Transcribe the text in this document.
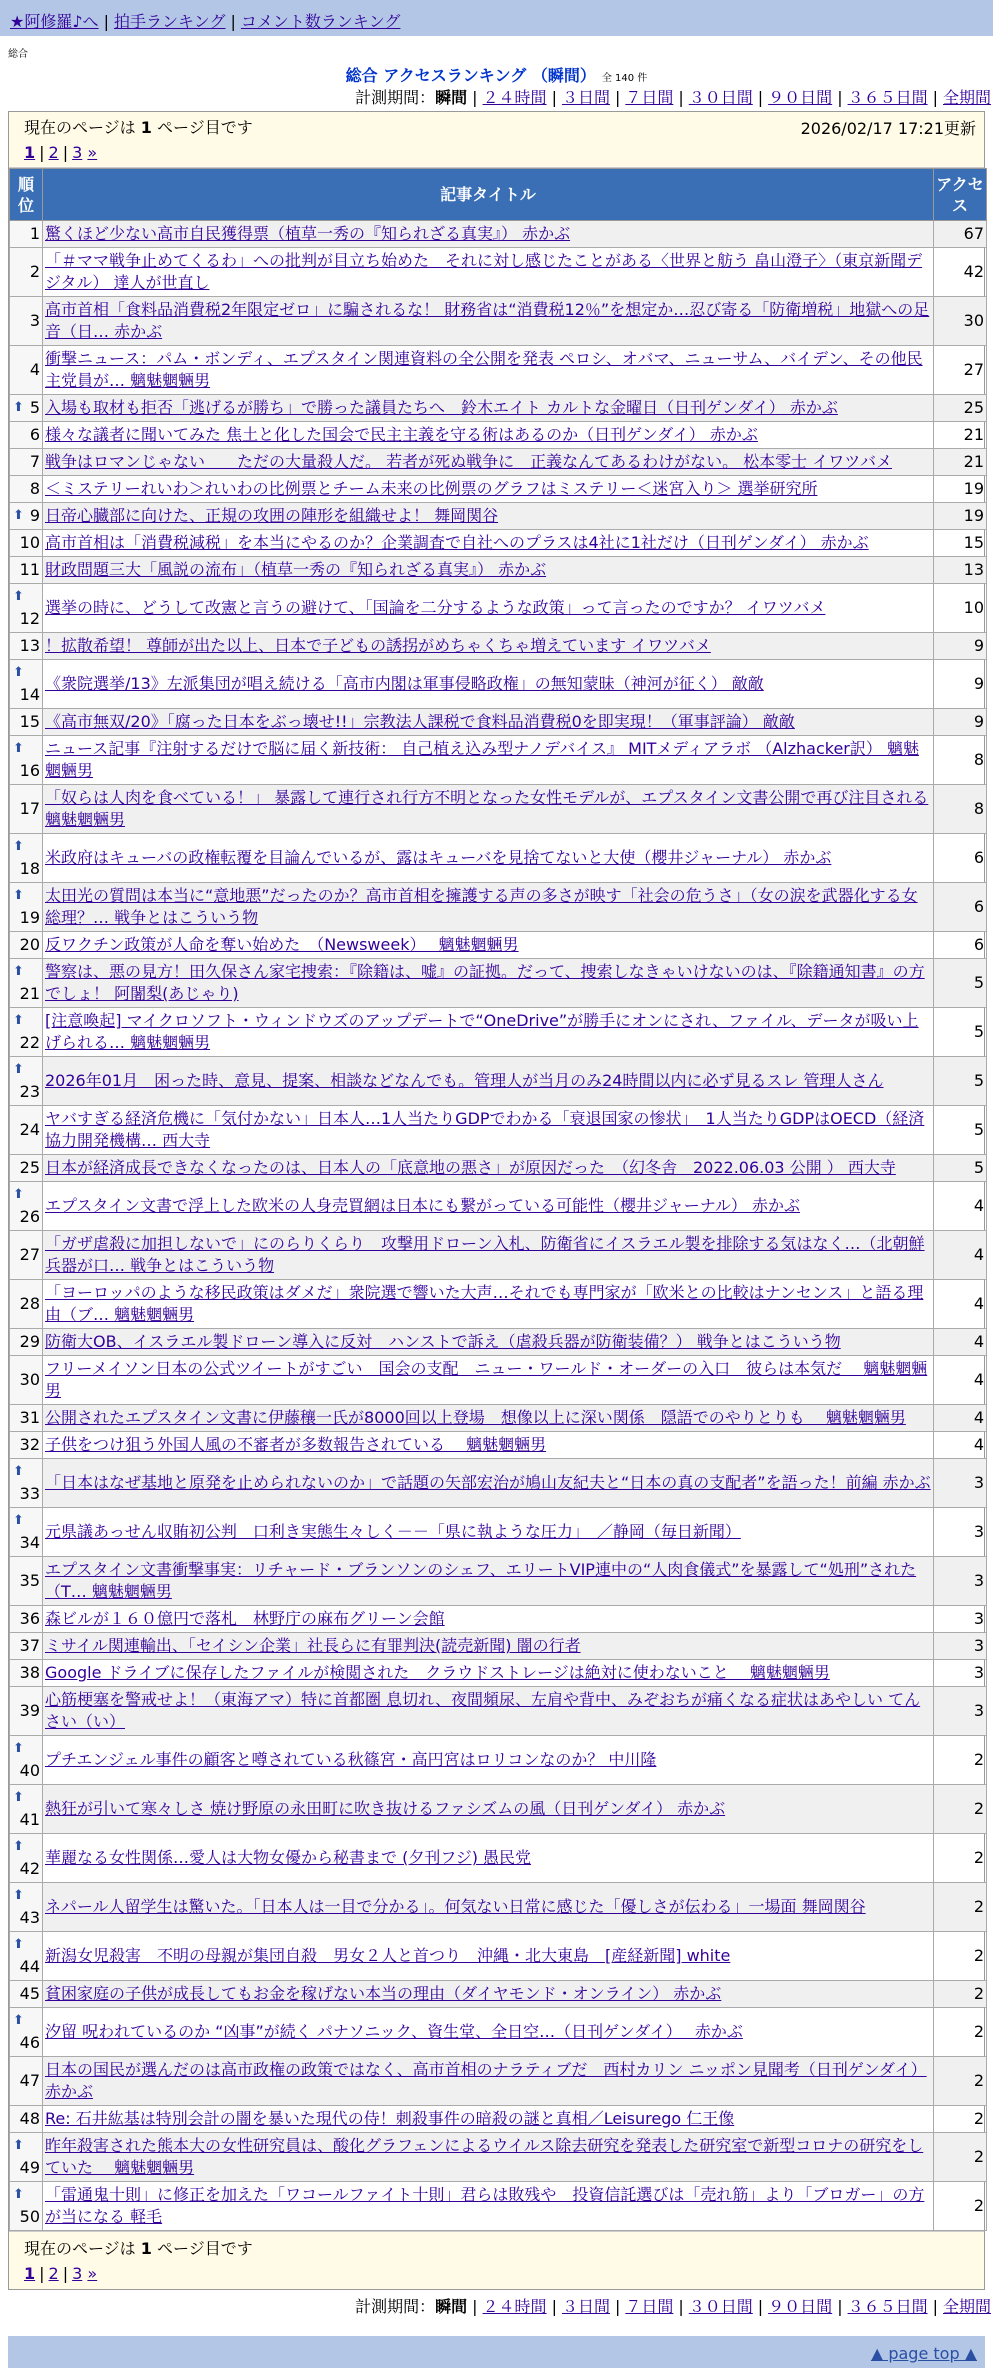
★阿修羅♪へ | 拍手ランキング | コメント数ランキング
総合
総合 アクセスランキング （瞬間） 全 140 件
計測期間：瞬間 | ２４時間 | ３日間 | ７日間 | ３０日間 | ９０日間 | ３６５日間 | 全期間
現在のページは 1 ページ目です	2026/02/17 17:21更新
1 | 2 | 3 »
順位	記事タイトル	アクセス
1	驚くほど少ない高市自民獲得票（植草一秀の『知られざる真実』） 赤かぶ	67
2	「＃ママ戦争止めてくるわ」への批判が目立ち始めた　それに対し感じたことがある〈世界と舫う 畠山澄子〉（東京新聞デジタル） 達人が世直し	42
3	高市首相「食料品消費税2年限定ゼロ」に騙されるな！ 財務省は“消費税12％”を想定か…忍び寄る「防衛増税」地獄への足音（日… 赤かぶ	30
4	衝撃ニュース：パム・ボンディ、エプスタイン関連資料の全公開を発表 ペロシ、オバマ、ニューサム、バイデン、その他民主党員が… 魑魅魍魎男	27

⬆ 5	入場も取材も拒否「逃げるが勝ち」で勝った議員たちへ　鈴木エイト カルトな金曜日（日刊ゲンダイ） 赤かぶ	25
6	様々な議者に聞いてみた 焦土と化した国会で民主主義を守る術はあるのか（日刊ゲンダイ） 赤かぶ	21
7	戦争はロマンじゃない　　ただの大量殺人だ。 若者が死ぬ戦争に　正義なんてあるわけがない。 松本零士 イワツバメ	21
8	＜ミステリーれいわ＞れいわの比例票とチーム未来の比例票のグラフはミステリー＜迷宮入り＞ 選挙研究所	19

⬆ 9	日帝心臓部に向けた、正規の攻囲の陣形を組織せよ！ 舞岡関谷	19
10	高市首相は「消費税減税」を本当にやるのか？企業調査で自社へのプラスは4社に1社だけ（日刊ゲンダイ） 赤かぶ	15
11	財政問題三大「風説の流布」（植草一秀の『知られざる真実』） 赤かぶ	13

⬆
12	選挙の時に、どうして改憲と言うの避けて、「国論を二分するような政策」って言ったのですか？ イワツバメ	10
13	！拡散希望！ 尊師が出た以上、日本で子どもの誘拐がめちゃくちゃ増えています イワツバメ	9

⬆
14	《衆院選挙/13》左派集団が唱え続ける「高市内閣は軍事侵略政権」の無知蒙昧（神河が征く） 敵敵	9
15	《高市無双/20》「腐った日本をぶっ壊せ!!」宗教法人課税で食料品消費税0を即実現！（軍事評論） 敵敵	9

⬆
16	ニュース記事『注射するだけで脳に届く新技術： 自己植え込み型ナノデバイス』 MITメディアラボ （Alzhacker訳） 魑魅魍魎男	8
17	「奴らは人肉を食べている！」 暴露して連行され行方不明となった女性モデルが、エプスタイン文書公開で再び注目される 魑魅魍魎男	8

⬆
18	米政府はキューバの政権転覆を目論んでいるが、露はキューバを見捨てないと大使（櫻井ジャーナル） 赤かぶ	6

⬆
19	太田光の質問は本当に“意地悪”だったのか？高市首相を擁護する声の多さが映す「社会の危うさ」（女の涙を武器化する女総理？… 戦争とはこういう物	6
20	反ワクチン政策が人命を奪い始めた　（Newsweek）　 魑魅魍魎男	6

⬆
21	警察は、悪の見方！田久保さん家宅捜索：『除籍は、嘘』の証拠。だって、捜索しなきゃいけないのは、『除籍通知書』の方でしょ！ 阿闍梨(あじゃり)	5

⬆
22	[注意喚起] マイクロソフト・ウィンドウズのアップデートで“OneDrive”が勝手にオンにされ、ファイル、データが吸い上げられる… 魑魅魍魎男	5

⬆
23	2026年01月　困った時、意見、提案、相談などなんでも。管理人が当月のみ24時間以内に必ず見るスレ 管理人さん	5
24	ヤバすぎる経済危機に「気付かない」日本人…1人当たりGDPでわかる「衰退国家の惨状」　1人当たりGDPはOECD（経済協力開発機構… 西大寺	5
25	日本が経済成長できなくなったのは、日本人の「底意地の悪さ」が原因だった　（幻冬舎　2022.06.03 公開 ） 西大寺	5

⬆
26	エプスタイン文書で浮上した欧米の人身売買網は日本にも繋がっている可能性（櫻井ジャーナル） 赤かぶ	4
27	「ガザ虐殺に加担しないで」にのらりくらり　攻撃用ドローン入札、防衛省にイスラエル製を排除する気はなく…（北朝鮮兵器が口… 戦争とはこういう物	4
28	「ヨーロッパのような移民政策はダメだ」衆院選で響いた大声…それでも専門家が「欧米との比較はナンセンス」と語る理由（ブ… 魑魅魍魎男	4
29	防衛大OB、イスラエル製ドローン導入に反対　ハンストで訴え（虐殺兵器が防衛装備？） 戦争とはこういう物	4
30	フリーメイソン日本の公式ツイートがすごい　国会の支配　ニュー・ワールド・オーダーの入口　彼らは本気だ　 魑魅魍魎男	4
31	公開されたエプスタイン文書に伊藤穰一氏が8000回以上登場　想像以上に深い関係　隠語でのやりとりも　 魑魅魍魎男	4
32	子供をつけ狙う外国人風の不審者が多数報告されている　 魑魅魍魎男	4

⬆
33	「日本はなぜ基地と原発を止められないのか」で話題の矢部宏治が鳩山友紀夫と“日本の真の支配者”を語った！前編 赤かぶ	3

⬆
34	元県議あっせん収賄初公判　口利き実態生々しく－－「県に執ような圧力」　／静岡（毎日新聞）	3
35	エプスタイン文書衝撃事実：リチャード・ブランソンのシェフ、エリートVIP連中の“人肉食儀式”を暴露して“処刑”された（T… 魑魅魍魎男	3
36	森ビルが１６０億円で落札　林野庁の麻布グリーン会館	3
37	ミサイル関連輸出、「セイシン企業」社長らに有罪判決(読売新聞) 闇の行者	3
38	Google ドライブに保存したファイルが検閲された　クラウドストレージは絶対に使わないこと　 魑魅魍魎男	3
39	心筋梗塞を警戒せよ！（東海アマ）特に首都圏 息切れ、夜間頻尿、左肩や背中、みぞおちが痛くなる症状はあやしい てんさい（い）	3

⬆
40	プチエンジェル事件の顧客と噂されている秋篠宮・高円宮はロリコンなのか？ 中川隆	2

⬆
41	熱狂が引いて寒々しさ 焼け野原の永田町に吹き抜けるファシズムの風（日刊ゲンダイ） 赤かぶ	2

⬆
42	華麗なる女性関係…愛人は大物女優から秘書まで (夕刊フジ) 愚民党	2

⬆
43	ネパール人留学生は驚いた。「日本人は一目で分かる」。何気ない日常に感じた「優しさが伝わる」一場面 舞岡関谷	2

⬆
44	新潟女児殺害　不明の母親が集団自殺　男女２人と首つり　沖縄・北大東島　[産経新聞] white	2
45	貧困家庭の子供が成長してもお金を稼げない本当の理由（ダイヤモンド・オンライン） 赤かぶ	2

⬆
46	汐留 呪われているのか “凶事”が続く パナソニック、資生堂、全日空…（日刊ゲンダイ）　 赤かぶ	2
47	日本の国民が選んだのは高市政権の政策ではなく、高市首相のナラティブだ　西村カリン ニッポン見聞考（日刊ゲンダイ） 赤かぶ	2
48	Re: 石井紘基は特別会計の闇を暴いた現代の侍！刺殺事件の暗殺の謎と真相／Leisurego 仁王像	2

⬆
49	昨年殺害された熊本大の女性研究員は、酸化グラフェンによるウイルス除去研究を発表した研究室で新型コロナの研究をしていた　 魑魅魍魎男	2

⬆
50	「雷通鬼十則」に修正を加えた「ワコールファイト十則」君らは敗残や　投資信託選びは「売れ筋」より「ブロガー」の方が当になる 軽毛	2
現在のページは 1 ページ目です
1 | 2 | 3 »
計測期間：瞬間 | ２４時間 | ３日間 | ７日間 | ３０日間 | ９０日間 | ３６５日間 | 全期間
▲ page top ▲
